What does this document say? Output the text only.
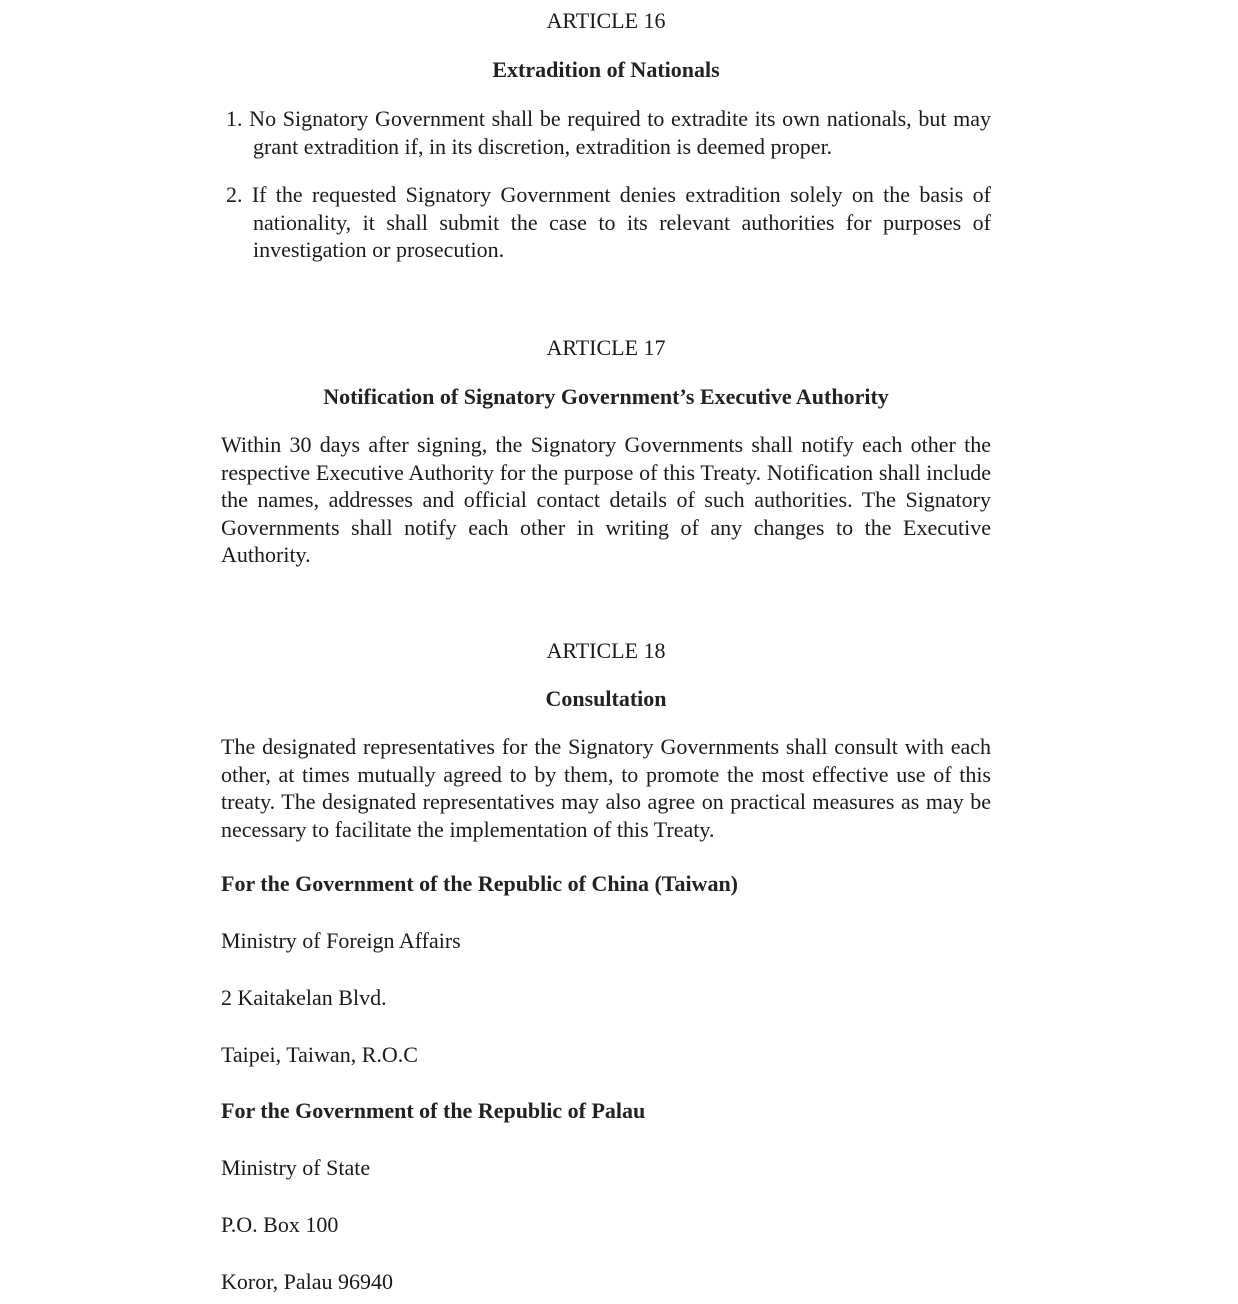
ARTICLE 16

Extradition of Nationals

1. No Signatory Government shall be required to extradite its own nationals, but may grant extradition if, in its discretion, extradition is deemed proper.
2. If the requested Signatory Government denies extradition solely on the basis of nationality, it shall submit the case to its relevant authorities for purposes of investigation or prosecution.

ARTICLE 17

Notification of Signatory Government’s Executive Authority

Within 30 days after signing, the Signatory Governments shall notify each other the respective Executive Authority for the purpose of this Treaty. Notification shall include the names, addresses and official contact details of such authorities. The Signatory Governments shall notify each other in writing of any changes to the Executive Authority.

ARTICLE 18

Consultation

The designated representatives for the Signatory Governments shall consult with each other, at times mutually agreed to by them, to promote the most effective use of this treaty. The designated representatives may also agree on practical measures as may be necessary to facilitate the implementation of this Treaty.

For the Government of the Republic of China (Taiwan)

Ministry of Foreign Affairs

2 Kaitakelan Blvd.

Taipei, Taiwan, R.O.C

For the Government of the Republic of Palau

Ministry of State

P.O. Box 100

Koror, Palau 96940
